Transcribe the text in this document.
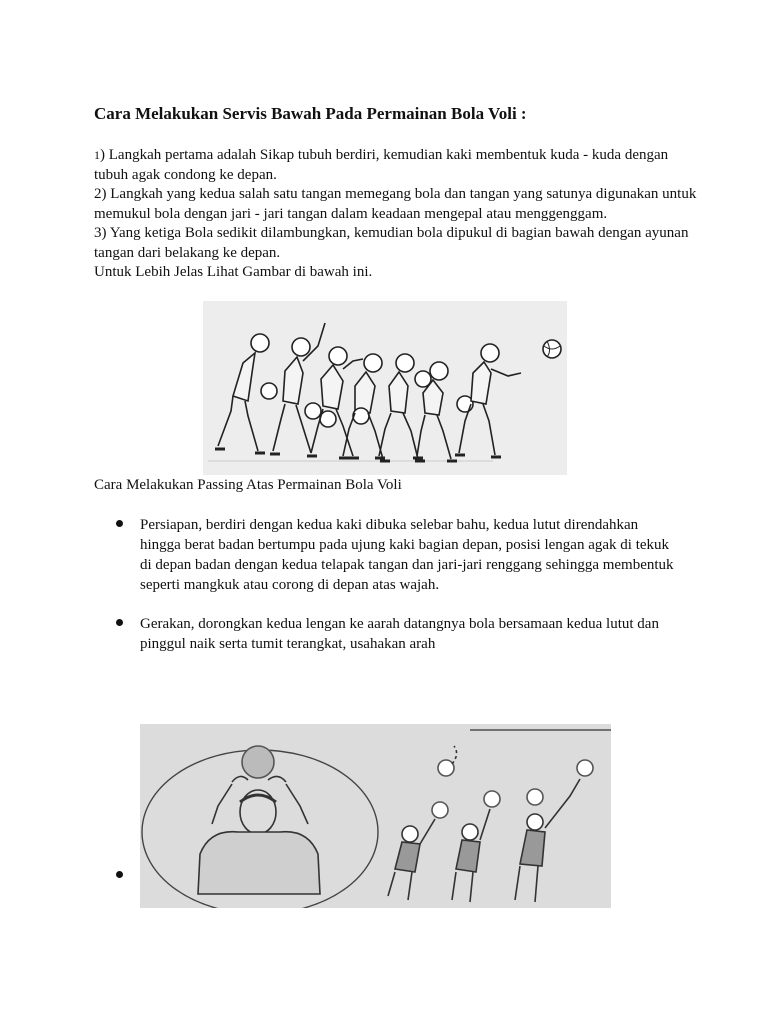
Cara Melakukan Servis Bawah Pada Permainan Bola Voli :

1) Langkah pertama adalah Sikap tubuh berdiri, kemudian kaki membentuk kuda - kuda dengan tubuh agak condong ke depan.

2) Langkah yang kedua salah satu tangan memegang bola dan tangan yang satunya digunakan untuk memukul bola dengan jari - jari tangan dalam keadaan mengepal atau menggenggam.

3) Yang ketiga Bola sedikit dilambungkan, kemudian bola dipukul di bagian bawah dengan ayunan tangan dari belakang ke depan.

Untuk Lebih Jelas Lihat Gambar di bawah ini.

Cara Melakukan Passing Atas Permainan Bola Voli
Persiapan, berdiri dengan kedua kaki dibuka selebar bahu, kedua lutut direndahkan hingga berat badan bertumpu pada ujung kaki bagian depan, posisi lengan agak di tekuk di depan badan dengan kedua telapak tangan dan jari-jari renggang sehingga membentuk seperti mangkuk atau corong di depan atas wajah.
Gerakan, dorongkan kedua lengan ke aarah datangnya bola bersamaan kedua lutut dan pinggul naik serta tumit terangkat, usahakan arah
